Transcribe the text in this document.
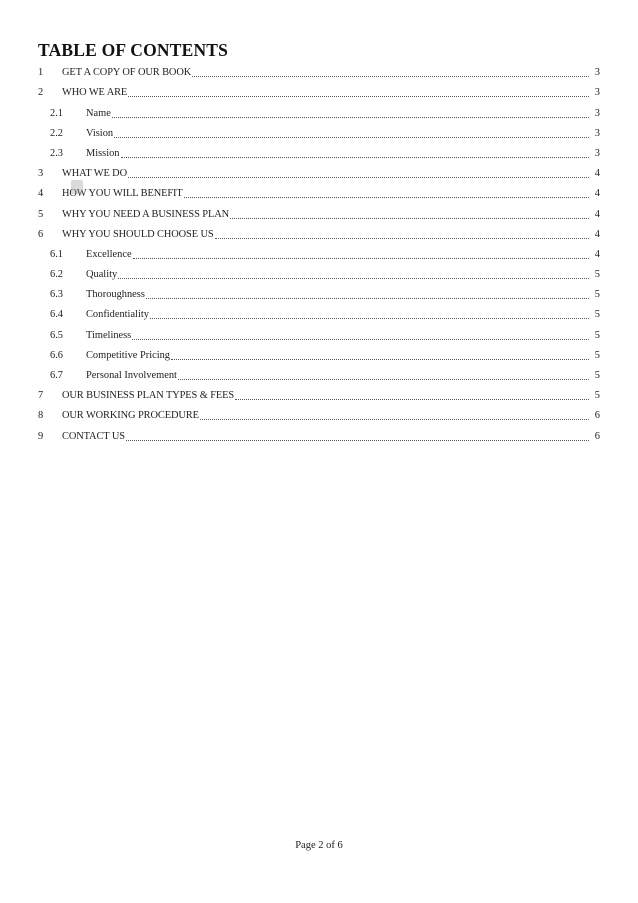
TABLE OF CONTENTS
1 GET A COPY OF OUR BOOK	3
2 WHO WE ARE	3
2.1 Name	3
2.2 Vision	3
2.3 Mission	3
3 WHAT WE DO	4
4 HOW YOU WILL BENEFIT	4
5 WHY YOU NEED A BUSINESS PLAN	4
6 WHY YOU SHOULD CHOOSE US	4
6.1 Excellence	4
6.2 Quality	5
6.3 Thoroughness	5
6.4 Confidentiality	5
6.5 Timeliness	5
6.6 Competitive Pricing	5
6.7 Personal Involvement	5
7 OUR BUSINESS PLAN TYPES & FEES	5
8 OUR WORKING PROCEDURE	6
9 CONTACT US	6
Page 2 of 6
